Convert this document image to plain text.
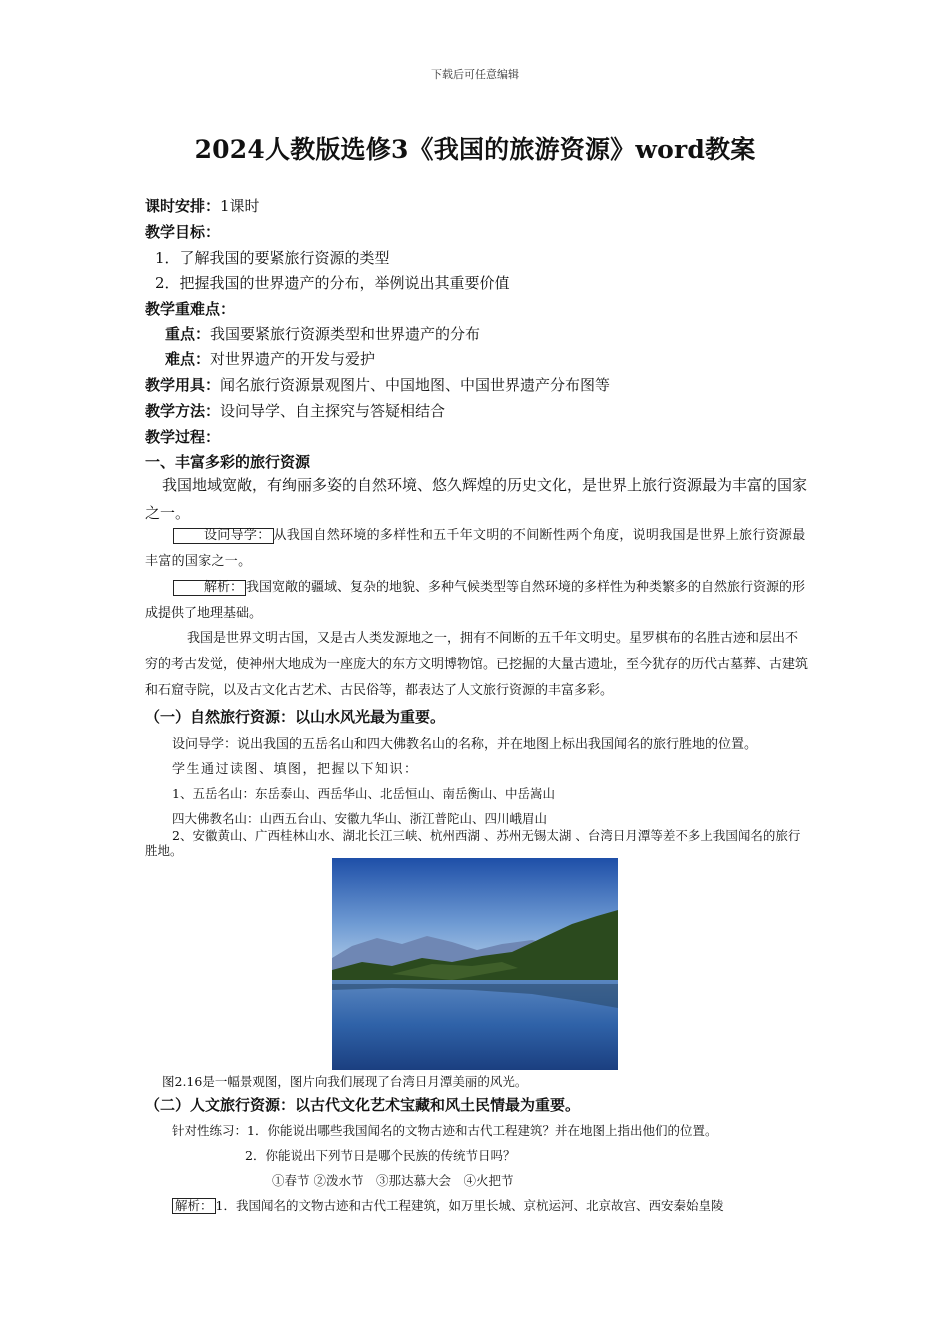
下载后可任意编辑
2024人教版选修3《我国的旅游资源》word教案
课时安排：1课时
教学目标：
1．了解我国的要紧旅行资源的类型
2．把握我国的世界遗产的分布，举例说出其重要价值
教学重难点：
重点：我国要紧旅行资源类型和世界遗产的分布
难点：对世界遗产的开发与爱护
教学用具：闻名旅行资源景观图片、中国地图、中国世界遗产分布图等
教学方法：设问导学、自主探究与答疑相结合
教学过程：
一、丰富多彩的旅行资源
我国地域宽敞，有绚丽多姿的自然环境、悠久辉煌的历史文化，是世界上旅行资源最为丰富的国家之一。
设问导学： 从我国自然环境的多样性和五千年文明的不间断性两个角度，说明我国是世界上旅行资源最丰富的国家之一。
解析： 我国宽敞的疆域、复杂的地貌、多种气候类型等自然环境的多样性为种类繁多的自然旅行资源的形成提供了地理基础。
我国是世界文明古国，又是古人类发源地之一，拥有不间断的五千年文明史。星罗棋布的名胜古迹和层出不穷的考古发觉，使神州大地成为一座庞大的东方文明博物馆。已挖掘的大量古遗址，至今犹存的历代古墓葬、古建筑和石窟寺院，以及古文化古艺术、古民俗等，都表达了人文旅行资源的丰富多彩。
（一）自然旅行资源：以山水风光最为重要。
设问导学：说出我国的五岳名山和四大佛教名山的名称，并在地图上标出我国闻名的旅行胜地的位置。
学生通过读图、填图，把握以下知识：
1、五岳名山：东岳泰山、西岳华山、北岳恒山、南岳衡山、中岳嵩山
四大佛教名山：山西五台山、安徽九华山、浙江普陀山、四川峨眉山
2、安徽黄山、广西桂林山水、湖北长江三峡、杭州西湖 、苏州无锡太湖 、台湾日月潭等差不多上我国闻名的旅行胜地。
图2.16是一幅景观图，图片向我们展现了台湾日月潭美丽的风光。
（二）人文旅行资源：以古代文化艺术宝藏和风土民情最为重要。
针对性练习：1．你能说出哪些我国闻名的文物古迹和古代工程建筑？并在地图上指出他们的位置。
2．你能说出下列节日是哪个民族的传统节日吗？
①春节 ②泼水节　③那达慕大会　④火把节
解析： 1．我国闻名的文物古迹和古代工程建筑，如万里长城、京杭运河、北京故宫、西安秦始皇陵
